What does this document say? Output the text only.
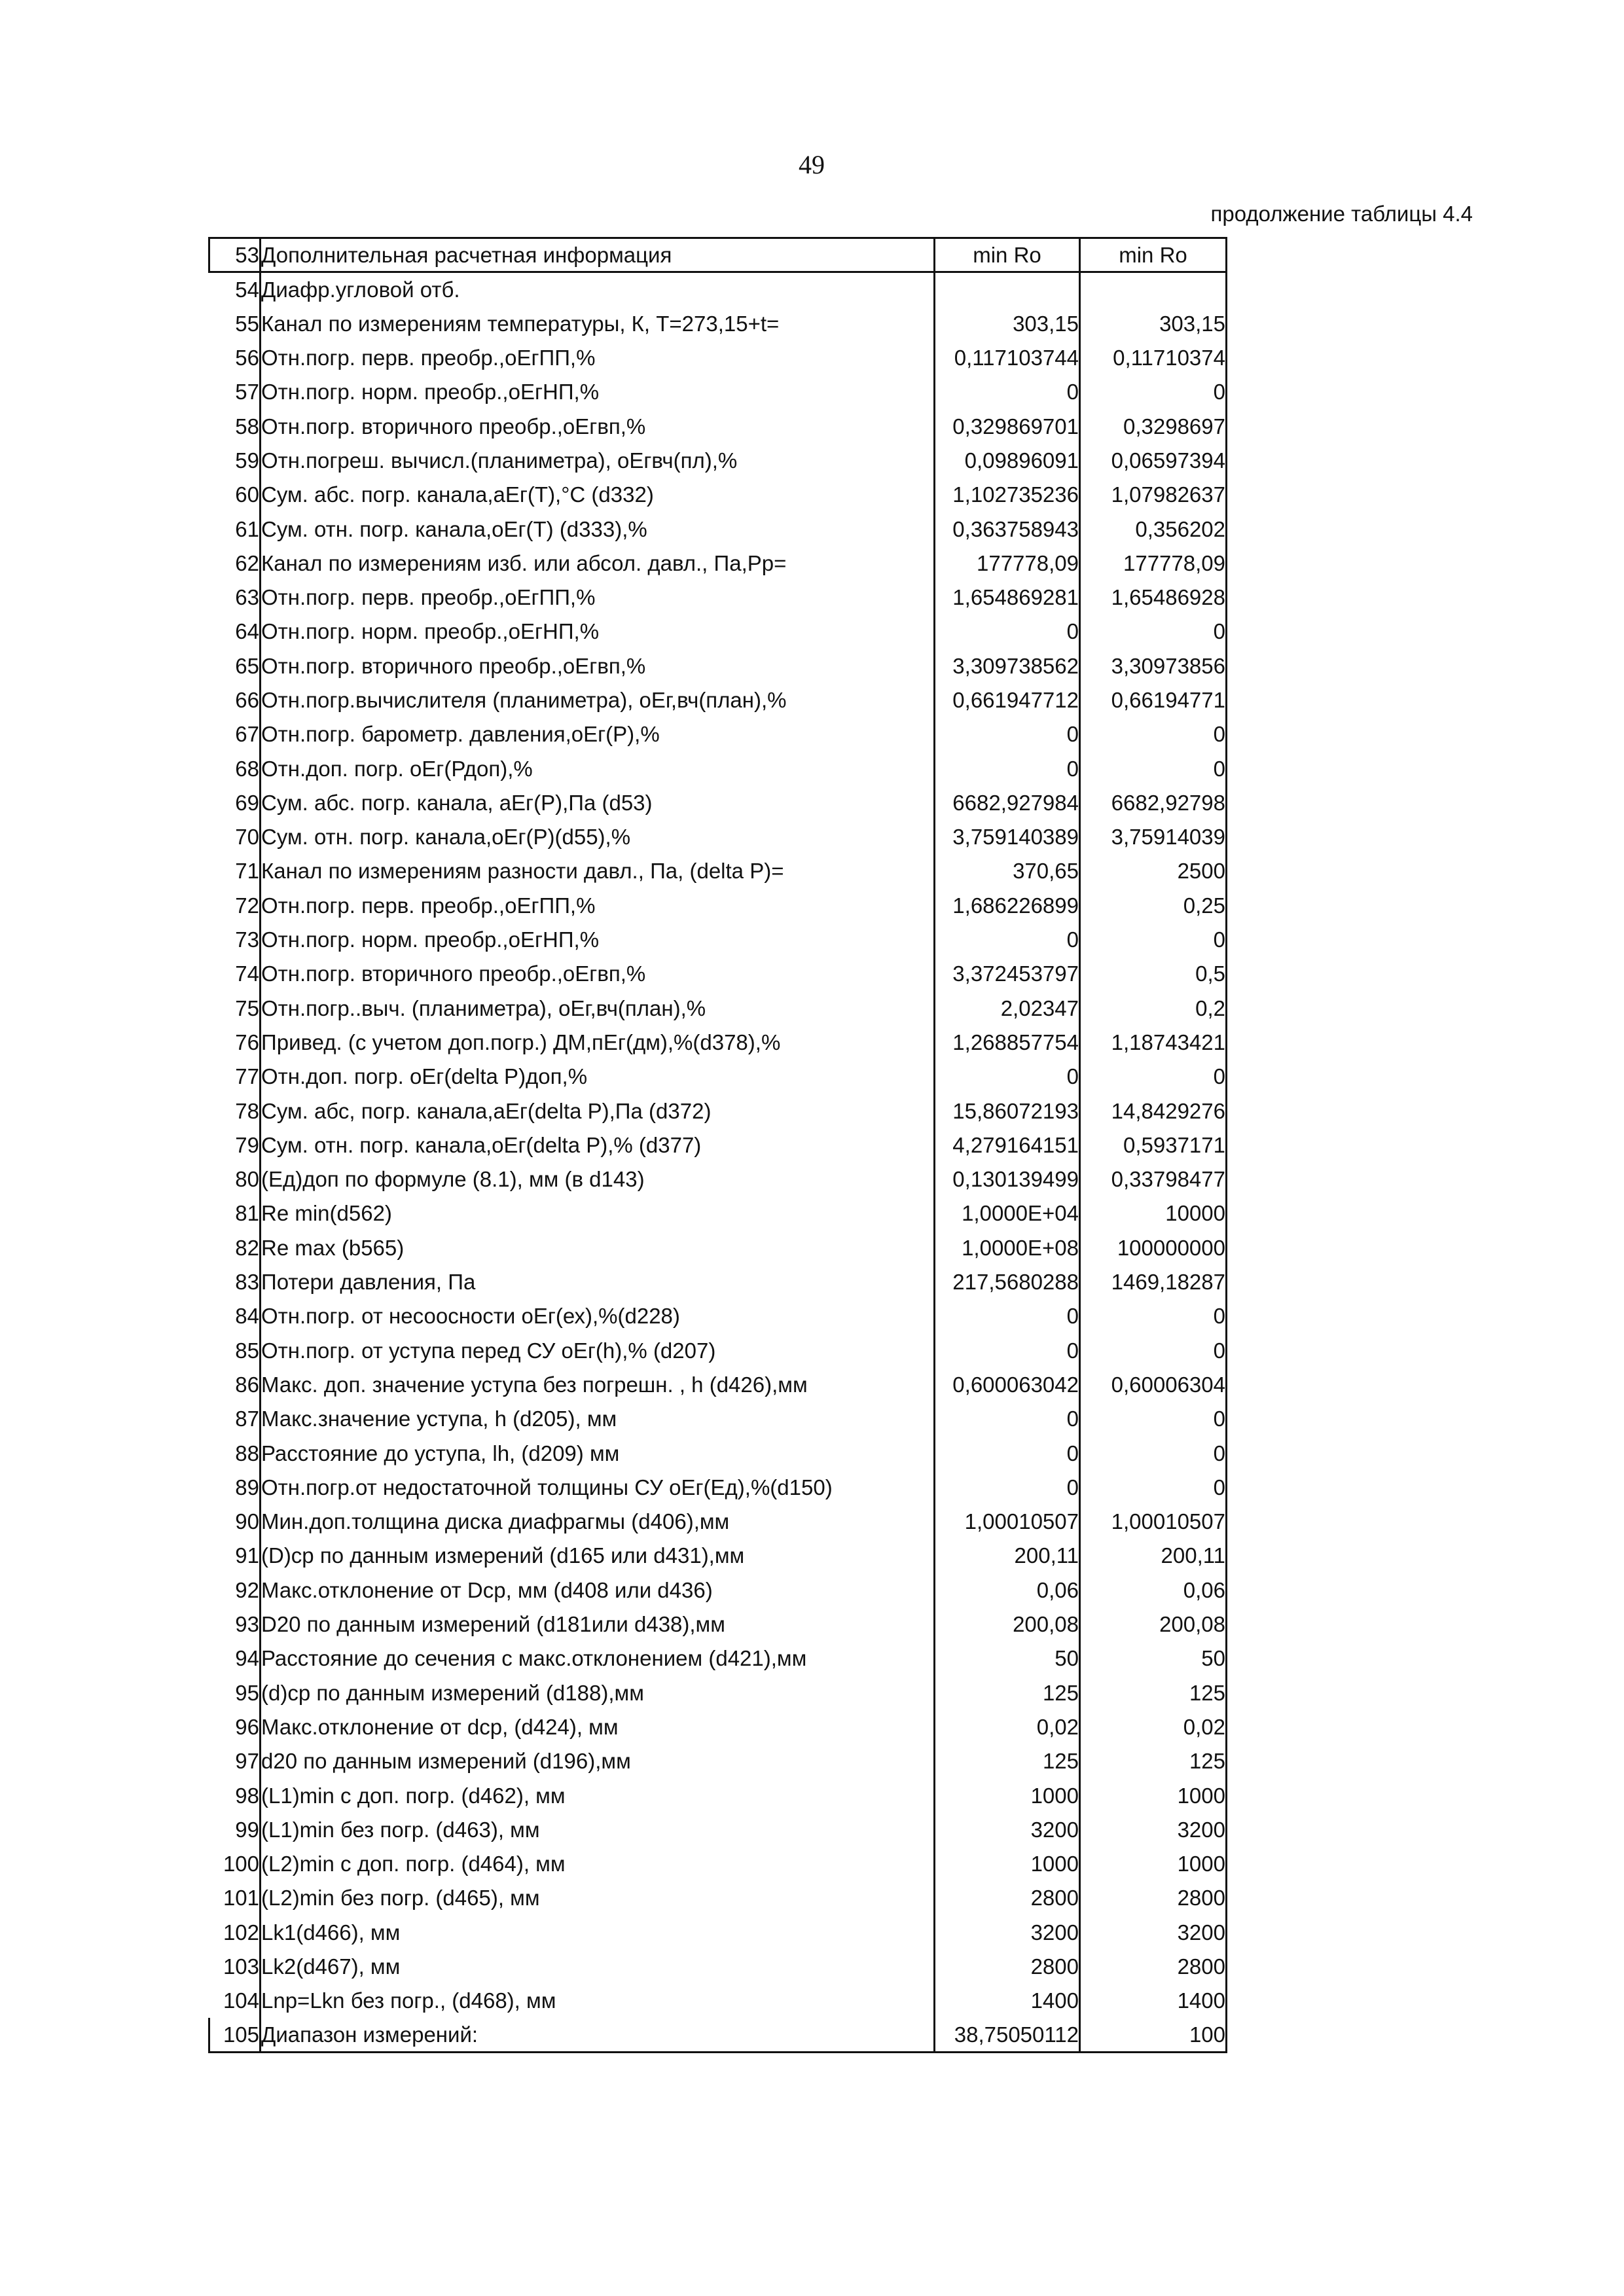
49
продолжение таблицы 4.4
53	Дополнительная расчетная информация	min Ro	min Ro
54	Диафр.угловой отб.		
55	Канал по измерениям температуры, К, Т=273,15+t=	303,15	303,15
56	Отн.погр. перв. преобр.,оЕгПП,%	0,117103744	0,11710374
57	Отн.погр. норм. преобр.,оЕгНП,%	0	0
58	Отн.погр. вторичного преобр.,оЕгвп,%	0,329869701	0,3298697
59	Отн.погреш. вычисл.(планиметра), оЕгвч(пл),%	0,09896091	0,06597394
60	Сум. абс. погр. канала,аЕг(Т),°С (d332)	1,102735236	1,07982637
61	Сум. отн. погр. канала,оЕг(Т) (d333),%	0,363758943	0,356202
62	Канал по измерениям изб. или абсол. давл., Па,Рр=	177778,09	177778,09
63	Отн.погр. перв. преобр.,оЕгПП,%	1,654869281	1,65486928
64	Отн.погр. норм. преобр.,оЕгНП,%	0	0
65	Отн.погр. вторичного преобр.,оЕгвп,%	3,309738562	3,30973856
66	Отн.погр.вычислителя (планиметра), оЕг,вч(план),%	0,661947712	0,66194771
67	Отн.погр. барометр. давления,оЕг(Р),%	0	0
68	Отн.доп. погр. оЕг(Рдоп),%	0	0
69	Сум. абс. погр. канала, аЕг(Р),Па (d53)	6682,927984	6682,92798
70	Сум. отн. погр. канала,оЕг(Р)(d55),%	3,759140389	3,75914039
71	Канал по измерениям разности давл., Па, (delta P)=	370,65	2500
72	Отн.погр. перв. преобр.,оЕгПП,%	1,686226899	0,25
73	Отн.погр. норм. преобр.,оЕгНП,%	0	0
74	Отн.погр. вторичного преобр.,оЕгвп,%	3,372453797	0,5
75	Отн.погр..выч. (планиметра), оЕг,вч(план),%	2,02347	0,2
76	Привед. (с учетом доп.погр.) ДМ,пЕг(дм),%(d378),%	1,268857754	1,18743421
77	Отн.доп. погр. оЕг(delta Р)доп,%	0	0
78	Сум. абс, погр. канала,аЕг(delta Р),Па (d372)	15,86072193	14,8429276
79	Сум. отн. погр. канала,оЕг(delta Р),% (d377)	4,279164151	0,5937171
80	(Ед)доп по формуле (8.1), мм (в d143)	0,130139499	0,33798477
81	Re min(d562)	1,0000E+04	10000
82	Re max (b565)	1,0000E+08	100000000
83	Потери давления, Па	217,5680288	1469,18287
84	Отн.погр. от несоосности оЕг(ех),%(d228)	0	0
85	Отн.погр. от уступа перед СУ оЕг(h),% (d207)	0	0
86	Макс. доп. значение уступа без погрешн. , h (d426),мм	0,600063042	0,60006304
87	Макс.значение уступа, h (d205), мм	0	0
88	Расстояние до уступа, lh, (d209) мм	0	0
89	Отн.погр.от недостаточной толщины СУ оЕг(Ед),%(d150)	0	0
90	Мин.доп.толщина диска диафрагмы (d406),мм	1,00010507	1,00010507
91	(D)ср по данным измерений (d165 или d431),мм	200,11	200,11
92	Макс.отклонение от Dcp, мм (d408 или d436)	0,06	0,06
93	D20 по данным измерений (d181или d438),мм	200,08	200,08
94	Расстояние до сечения с макс.отклонением (d421),мм	50	50
95	(d)ср по данным измерений (d188),мм	125	125
96	Макс.отклонение от dcp, (d424), мм	0,02	0,02
97	d20 по данным измерений (d196),мм	125	125
98	(L1)min с доп. погр. (d462), мм	1000	1000
99	(L1)min без погр. (d463), мм	3200	3200
100	(L2)min с доп. погр. (d464), мм	1000	1000
101	(L2)min без погр. (d465), мм	2800	2800
102	Lk1(d466), мм	3200	3200
103	Lk2(d467), мм	2800	2800
104	Lnp=Lkn без погр., (d468), мм	1400	1400
105	Диапазон измерений:	38,75050112	100
